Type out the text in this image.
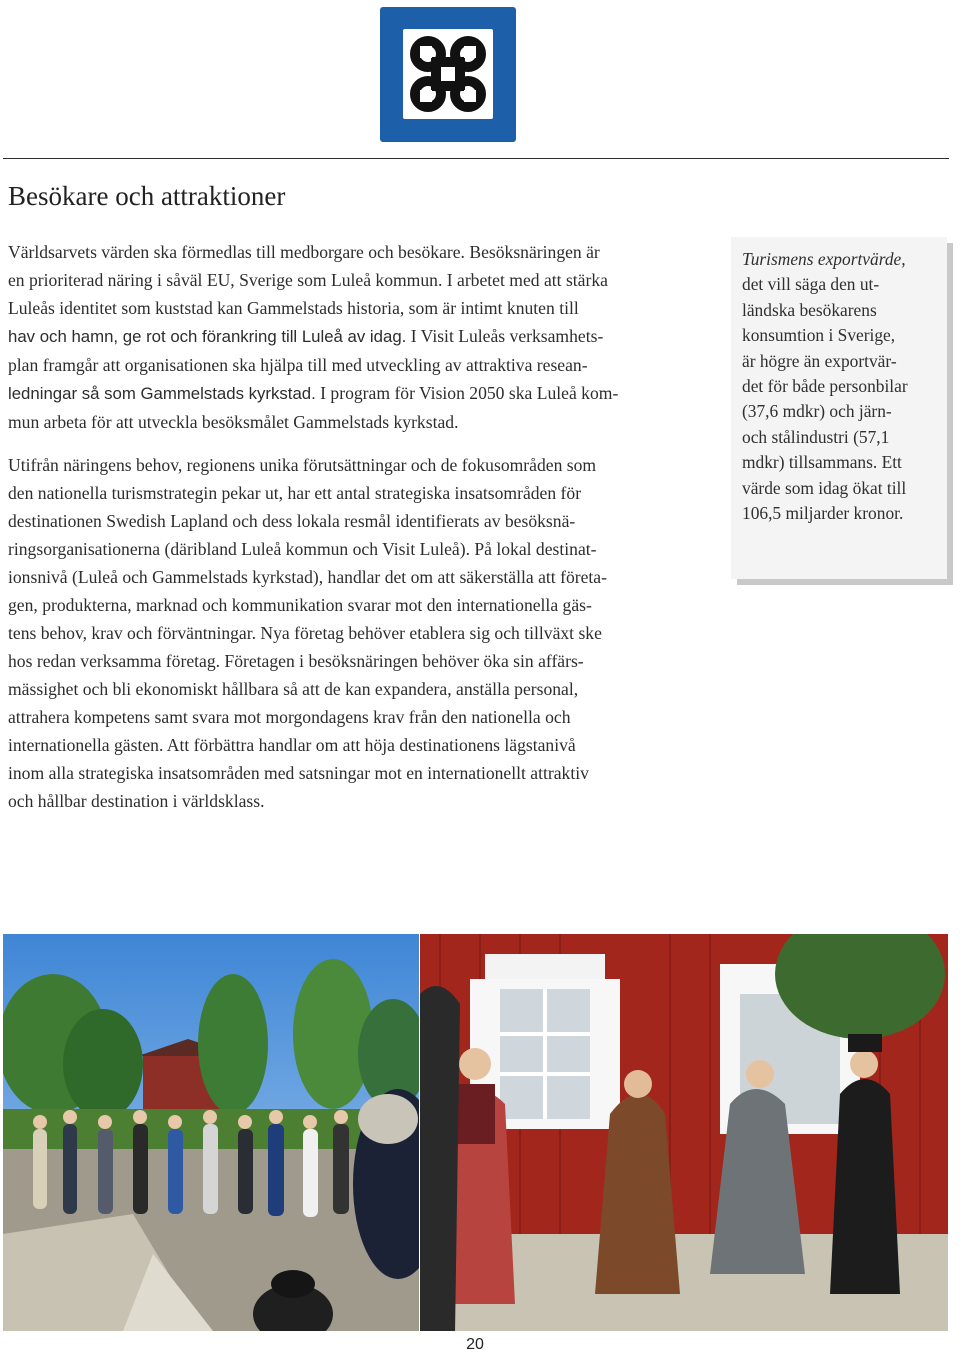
Besökare och attraktioner

Världsarvets värden ska förmedlas till medborgare och besökare. Besöksnäringen är
en prioriterad näring i såväl EU, Sverige som Luleå kommun. I arbetet med att stärka
Luleås identitet som kuststad kan Gammelstads historia, som är intimt knuten till
hav och hamn, ge rot och förankring till Luleå av idag. I Visit Luleås verksamhets-
plan framgår att organisationen ska hjälpa till med utveckling av attraktiva resean-
ledningar så som Gammelstads kyrkstad. I program för Vision 2050 ska Luleå kom-
mun arbeta för att utveckla besöksmålet Gammelstads kyrkstad.

Utifrån näringens behov, regionens unika förutsättningar och de fokusområden som
den nationella turismstrategin pekar ut, har ett antal strategiska insatsområden för
destinationen Swedish Lapland och dess lokala resmål identifierats av besöksnä-
ringsorganisationerna (däribland Luleå kommun och Visit Luleå). På lokal destinat-
ionsnivå (Luleå och Gammelstads kyrkstad), handlar det om att säkerställa att företa-
gen, produkterna, marknad och kommunikation svarar mot den internationella gäs-
tens behov, krav och förväntningar. Nya företag behöver etablera sig och tillväxt ske
hos redan verksamma företag. Företagen i besöksnäringen behöver öka sin affärs-
mässighet och bli ekonomiskt hållbara så att de kan expandera, anställa personal,
attrahera kompetens samt svara mot morgondagens krav från den nationella och
internationella gästen. Att förbättra handlar om att höja destinationens lägstanivå
inom alla strategiska insatsområden med satsningar mot en internationellt attraktiv
och hållbar destination i världsklass.

Turismens exportvärde,
det vill säga den ut-
ländska besökarens
konsumtion i Sverige,
är högre än exportvär-
det för både personbilar
(37,6 mdkr) och järn-
och stålindustri (57,1
mdkr) tillsammans. Ett
värde som idag ökat till
106,5 miljarder kronor.

20
